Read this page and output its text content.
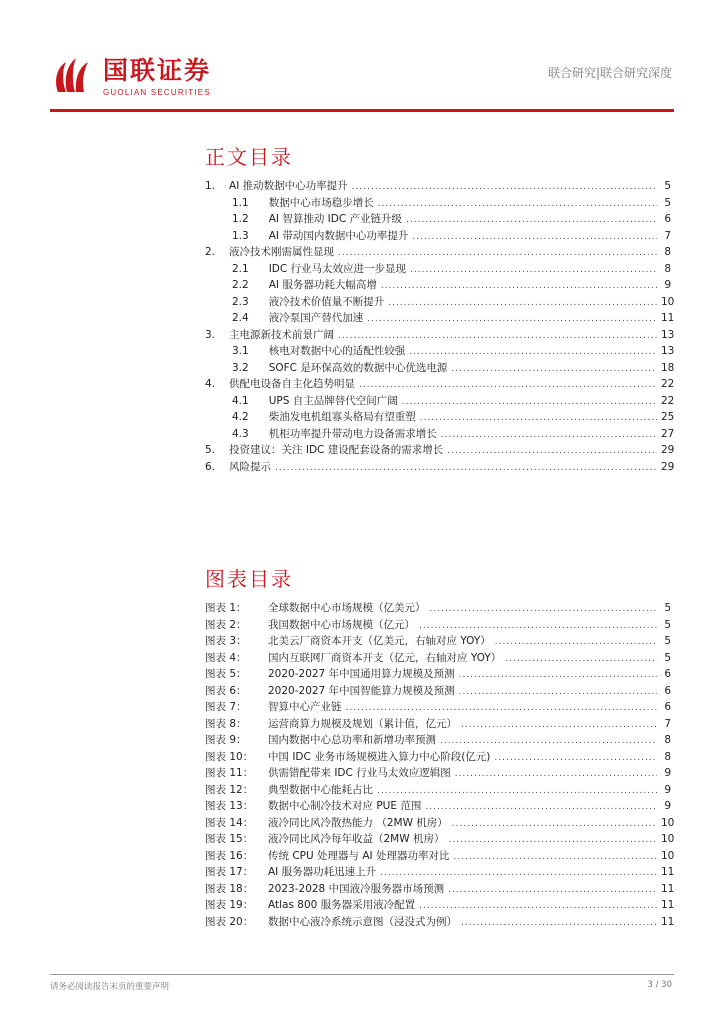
国联证券
GUOLIAN SECURITIES
联合研究|联合研究深度
正文目录
1. AI 推动数据中心功率提升 .....	5
1.1 数据中心市场稳步增长 .....	5
1.2 AI 智算推动 IDC 产业链升级 .....	6
1.3 AI 带动国内数据中心功率提升 .....	7
2. 液冷技术刚需属性显现 .....	8
2.1 IDC 行业马太效应进一步显现 .....	8
2.2 AI 服务器功耗大幅高增 .....	9
2.3 液冷技术价值量不断提升 .....	10
2.4 液冷泵国产替代加速 .....	11
3. 主电源新技术前景广阔 .....	13
3.1 核电对数据中心的适配性较强 .....	13
3.2 SOFC 是环保高效的数据中心优选电源 .....	18
4. 供配电设备自主化趋势明显 .....	22
4.1 UPS 自主品牌替代空间广阔 .....	22
4.2 柴油发电机组寡头格局有望重塑 .....	25
4.3 机柜功率提升带动电力设备需求增长 .....	27
5. 投资建议：关注 IDC 建设配套设备的需求增长 .....	29
6. 风险提示 .....	29
图表目录
图表 1：	全球数据中心市场规模（亿美元） .....	5
图表 2：	我国数据中心市场规模（亿元） .....	5
图表 3：	北美云厂商资本开支（亿美元，右轴对应 YOY） .....	5
图表 4：	国内互联网厂商资本开支（亿元，右轴对应 YOY） .....	5
图表 5：	2020-2027 年中国通用算力规模及预测 .....	6
图表 6：	2020-2027 年中国智能算力规模及预测 .....	6
图表 7：	智算中心产业链 .....	6
图表 8：	运营商算力规模及规划（累计值，亿元） .....	7
图表 9：	国内数据中心总功率和新增功率预测 .....	8
图表 10：	中国 IDC 业务市场规模进入算力中心阶段(亿元) .....	8
图表 11：	供需错配带来 IDC 行业马太效应逻辑图 .....	9
图表 12：	典型数据中心能耗占比 .....	9
图表 13：	数据中心制冷技术对应 PUE 范围 .....	9
图表 14：	液冷同比风冷散热能力 （2MW 机房） .....	10
图表 15：	液冷同比风冷每年收益（2MW 机房） .....	10
图表 16：	传统 CPU 处理器与 AI 处理器功率对比 .....	10
图表 17：	AI 服务器功耗迅速上升 .....	11
图表 18：	2023-2028 中国液冷服务器市场预测 .....	11
图表 19：	Atlas 800 服务器采用液冷配置 .....	11
图表 20：	数据中心液冷系统示意图（浸没式为例） .....	11
请务必阅读报告末页的重要声明	3 / 30
